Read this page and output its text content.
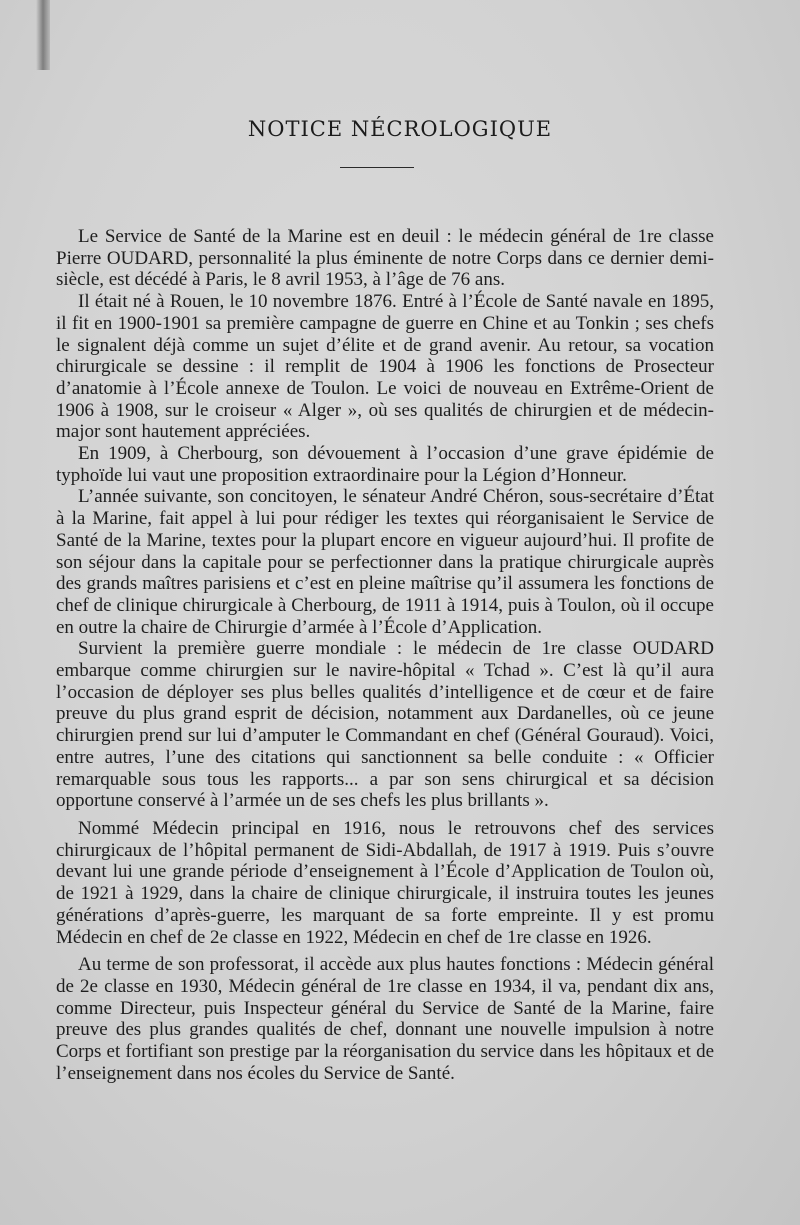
NOTICE NÉCROLOGIQUE

Le Service de Santé de la Marine est en deuil : le médecin général de 1re classe Pierre OUDARD, personnalité la plus éminente de notre Corps dans ce dernier demi-siècle, est décédé à Paris, le 8 avril 1953, à l’âge de 76 ans.

Il était né à Rouen, le 10 novembre 1876. Entré à l’École de Santé navale en 1895, il fit en 1900-1901 sa première campagne de guerre en Chine et au Tonkin ; ses chefs le signalent déjà comme un sujet d’élite et de grand avenir. Au retour, sa vocation chirurgicale se dessine : il remplit de 1904 à 1906 les fonctions de Prosecteur d’anatomie à l’École annexe de Toulon. Le voici de nouveau en Extrême-Orient de 1906 à 1908, sur le croiseur « Alger », où ses qualités de chirurgien et de médecin-major sont hautement appréciées.

En 1909, à Cherbourg, son dévouement à l’occasion d’une grave épidémie de typhoïde lui vaut une proposition extraordinaire pour la Légion d’Honneur.

L’année suivante, son concitoyen, le sénateur André Chéron, sous-secrétaire d’État à la Marine, fait appel à lui pour rédiger les textes qui réorganisaient le Service de Santé de la Marine, textes pour la plupart encore en vigueur aujourd’hui. Il profite de son séjour dans la capitale pour se perfectionner dans la pratique chirurgicale auprès des grands maîtres parisiens et c’est en pleine maîtrise qu’il assumera les fonctions de chef de clinique chirurgicale à Cherbourg, de 1911 à 1914, puis à Toulon, où il occupe en outre la chaire de Chirurgie d’armée à l’École d’Application.

Survient la première guerre mondiale : le médecin de 1re classe OUDARD embarque comme chirurgien sur le navire-hôpital « Tchad ». C’est là qu’il aura l’occasion de déployer ses plus belles qualités d’intelligence et de cœur et de faire preuve du plus grand esprit de décision, notamment aux Dardanelles, où ce jeune chirurgien prend sur lui d’amputer le Commandant en chef (Général Gouraud). Voici, entre autres, l’une des citations qui sanctionnent sa belle conduite : « Officier remarquable sous tous les rapports... a par son sens chirurgical et sa décision opportune conservé à l’armée un de ses chefs les plus brillants ».

Nommé Médecin principal en 1916, nous le retrouvons chef des services chirurgicaux de l’hôpital permanent de Sidi-Abdallah, de 1917 à 1919. Puis s’ouvre devant lui une grande période d’enseignement à l’École d’Application de Toulon où, de 1921 à 1929, dans la chaire de clinique chirurgicale, il instruira toutes les jeunes générations d’après-guerre, les marquant de sa forte empreinte. Il y est promu Médecin en chef de 2e classe en 1922, Médecin en chef de 1re classe en 1926.

Au terme de son professorat, il accède aux plus hautes fonctions : Médecin général de 2e classe en 1930, Médecin général de 1re classe en 1934, il va, pendant dix ans, comme Directeur, puis Inspecteur général du Service de Santé de la Marine, faire preuve des plus grandes qualités de chef, donnant une nouvelle impulsion à notre Corps et fortifiant son prestige par la réorganisation du service dans les hôpitaux et de l’enseignement dans nos écoles du Service de Santé.
